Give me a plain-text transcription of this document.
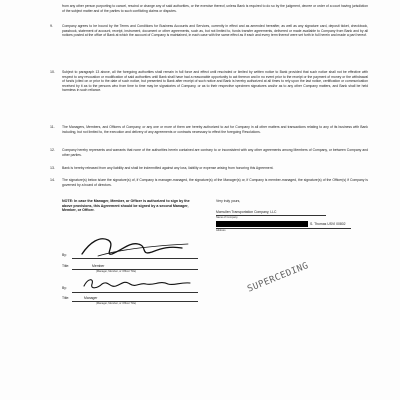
from any other person purporting to cancel, rescind or change any of said authorities, or the exercise thereof, unless Bank is required to do so by the judgment, decree or order of a court having jurisdiction of the subject matter and of the parties to such conflicting claims or disputes.
9.	Company agrees to be bound by the Terms and Conditions for Business Accounts and Services, currently in effect and as amended hereafter, as well as any signature card, deposit ticket, checkbook, passbook, statement of account, receipt, instrument, document or other agreements, such as, but not limited to, funds transfer agreements, delivered or made available to Company from Bank and by all notices posted at the office of Bank at which the account of Company is maintained, in each case with the same effect as if each and every term thereof were set forth in full herein and made a part hereof.
10. Subject to paragraph 13 above, all the foregoing authorities shall remain in full force and effect until rescinded or limited by written notice to Bank provided that such notice shall not be effective with respect to any revocation or modification of said authorities until Bank shall have had a reasonable opportunity to act thereon and in no event prior to the receipt or the payment of money or the withdrawal of funds (cited on or prior to the date of such notice, but presented to Bank after receipt of such notice and Bank is hereby authorized at all times to rely upon the last notice, certification or communication received by it as to the persons who from time to time may be signatories of Company, or as to their respective specimen signatures and/or as to any other Company matters, and Bank shall be held harmless in such reliance.
11. The Managers, Members, and Officers of Company, or any one or more of them are hereby authorized to act for Company in all other matters and transactions relating to any of its business with Bank including, but not limited to, the execution and delivery of any agreements or contracts necessary to effect the foregoing Resolutions.
12. Company hereby represents and warrants that none of the authorities herein contained are contrary to or inconsistent with any other agreements among Members of Company, or between Company and other parties.
13. Bank is hereby released from any liability and shall be indemnified against any loss, liability or expense arising from honoring this Agreement.
14. The signature(s) below is/are the signature(s) of, if Company is manager-managed, the signature(s) of the Manager(s) or, if Company is member-managed, the signature(s) of the Officer(s) if Company is governed by a board of directors.
NOTE: In case the Manager, Member, or Officer is authorized to sign by the above provisions, this Agreement should be signed by a second Manager, Member, or Officer.
Very truly yours,
Mcmullen Transportation Company, LLC
Name of Company
S. Thomas USVI 00802
Address
By:
Title:	Member
(Manager, Member, or Officer Title)
By:
Title:	Manager
(Manager, Member, or Officer Title)
SUPERCEDING
